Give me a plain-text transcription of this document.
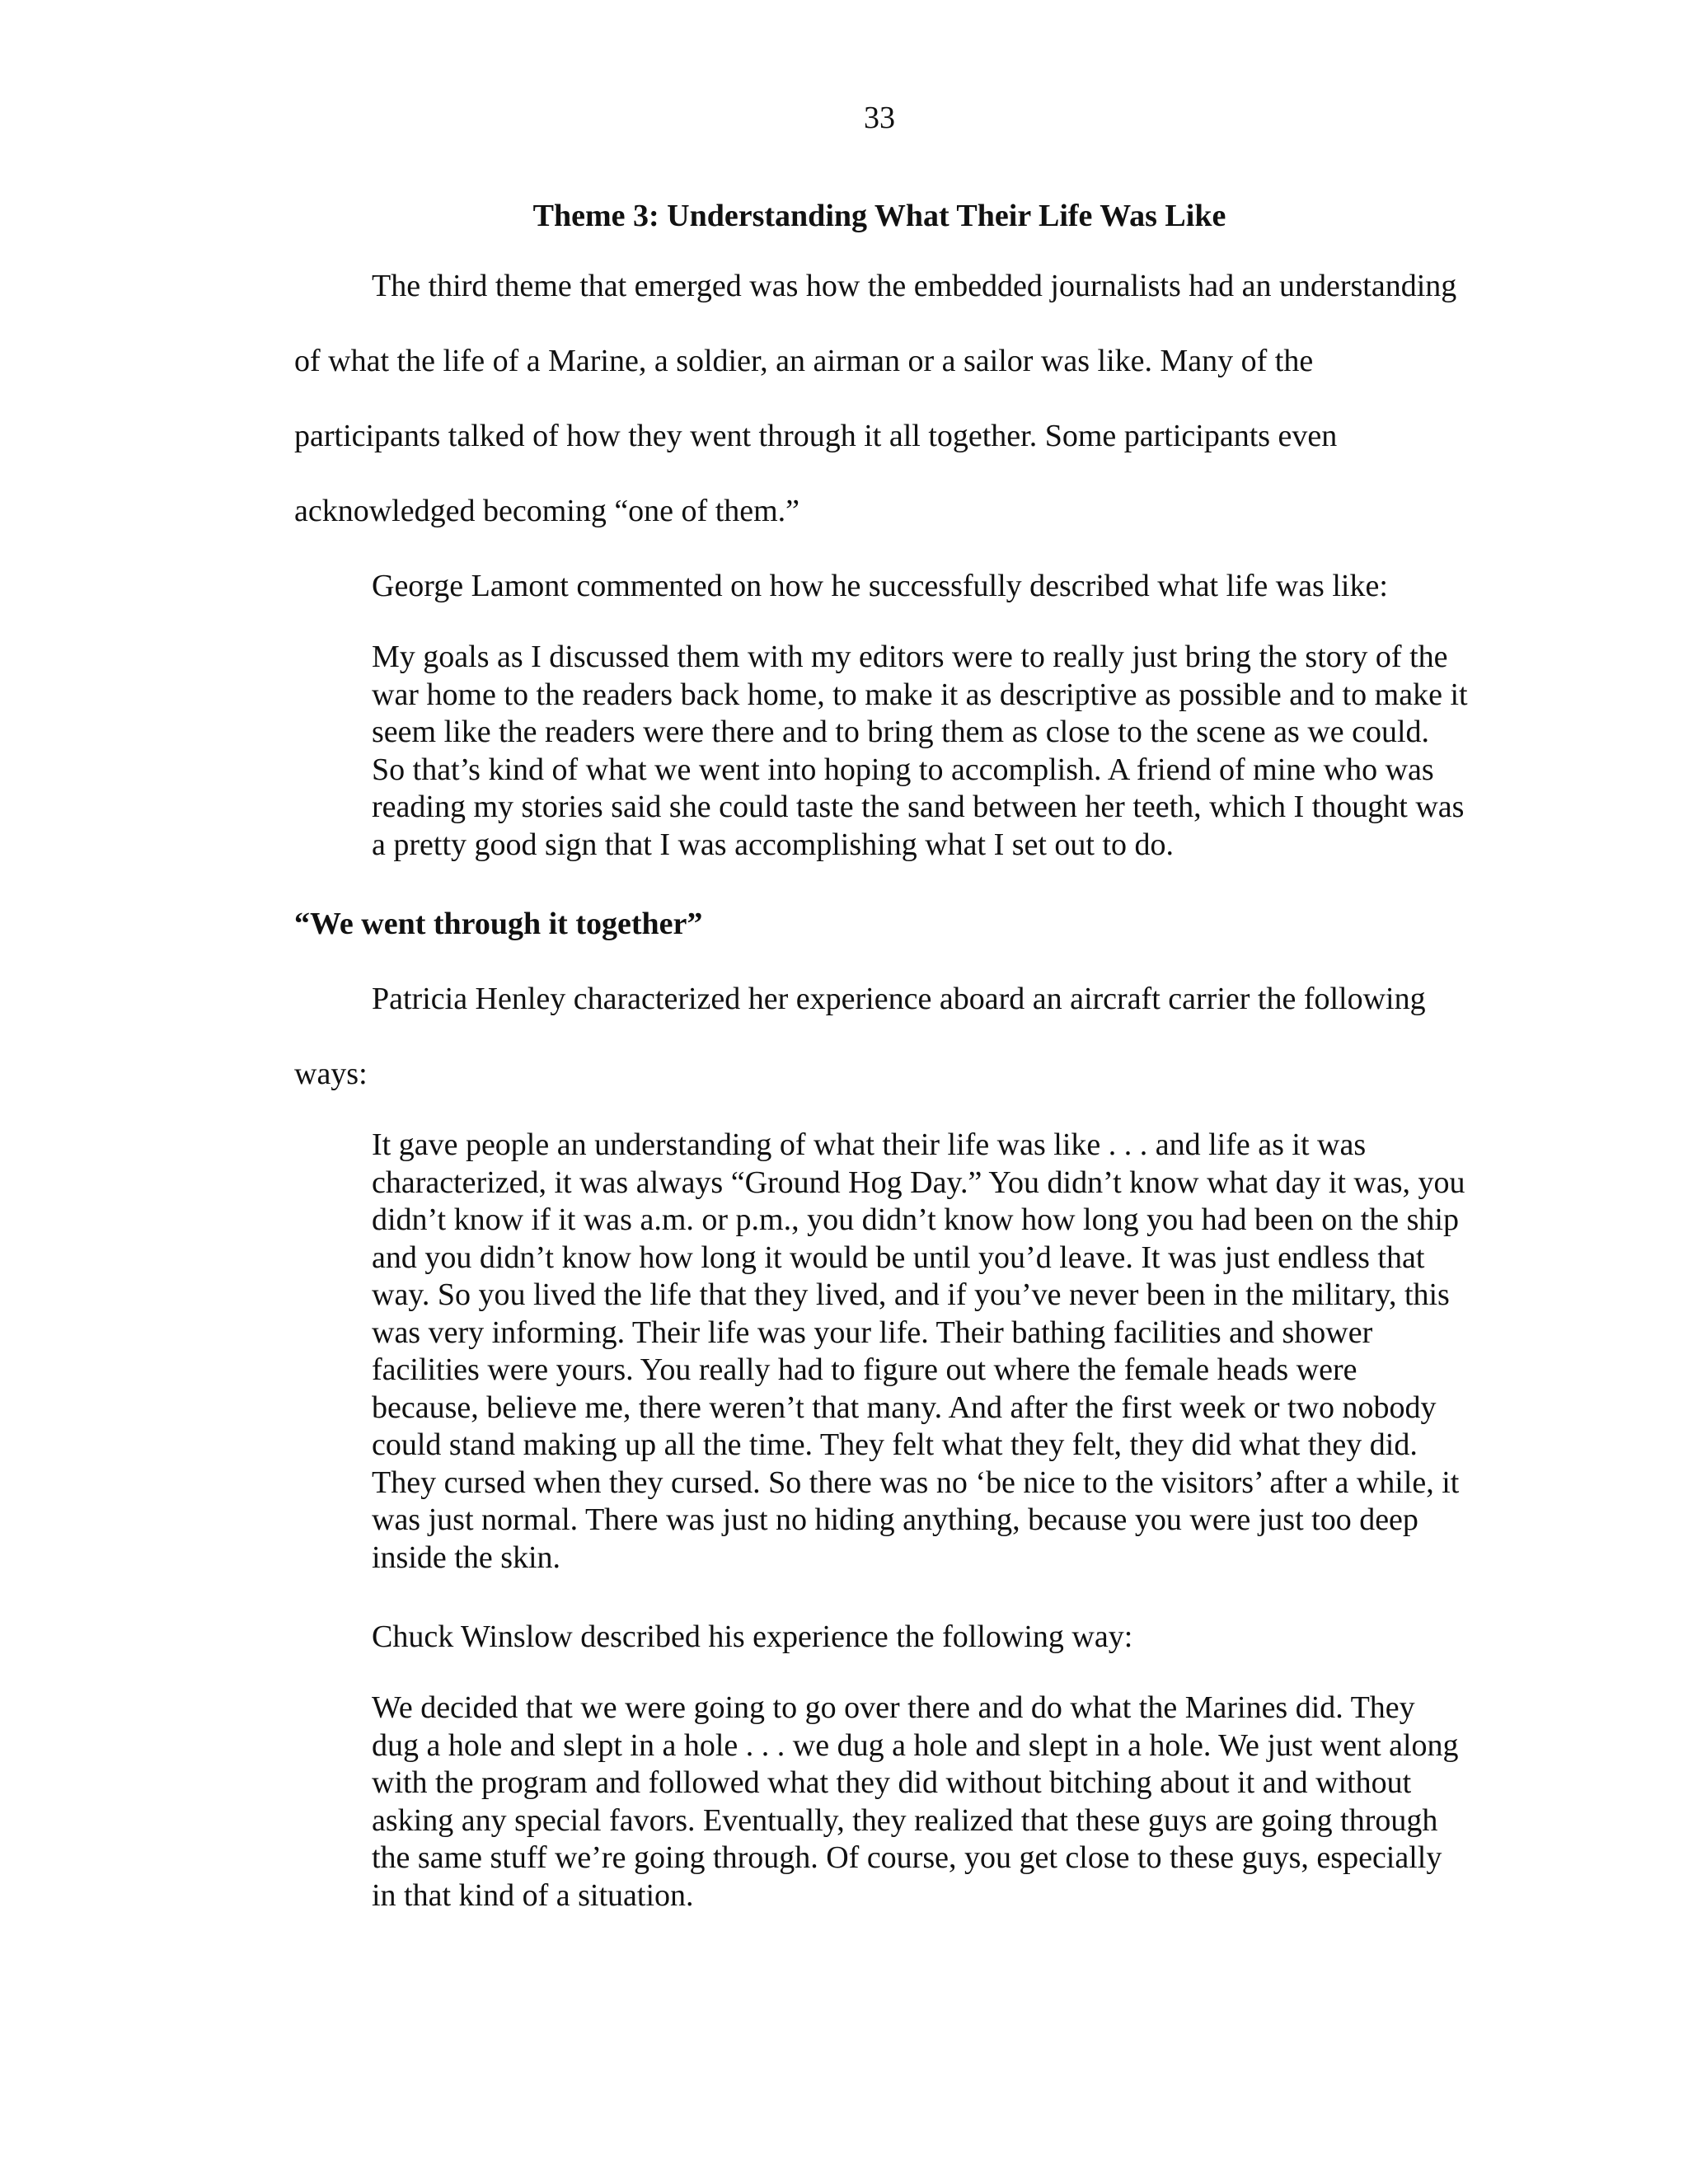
33
Theme 3: Understanding What Their Life Was Like

The third theme that emerged was how the embedded journalists had an understanding of what the life of a Marine, a soldier, an airman or a sailor was like. Many of the participants talked of how they went through it all together. Some participants even acknowledged becoming “one of them.”

George Lamont commented on how he successfully described what life was like:

My goals as I discussed them with my editors were to really just bring the story of the war home to the readers back home, to make it as descriptive as possible and to make it seem like the readers were there and to bring them as close to the scene as we could. So that’s kind of what we went into hoping to accomplish. A friend of mine who was reading my stories said she could taste the sand between her teeth, which I thought was a pretty good sign that I was accomplishing what I set out to do.

“We went through it together”

Patricia Henley characterized her experience aboard an aircraft carrier the following ways:

It gave people an understanding of what their life was like . . . and life as it was characterized, it was always “Ground Hog Day.” You didn’t know what day it was, you didn’t know if it was a.m. or p.m., you didn’t know how long you had been on the ship and you didn’t know how long it would be until you’d leave. It was just endless that way. So you lived the life that they lived, and if you’ve never been in the military, this was very informing. Their life was your life. Their bathing facilities and shower facilities were yours. You really had to figure out where the female heads were because, believe me, there weren’t that many. And after the first week or two nobody could stand making up all the time. They felt what they felt, they did what they did. They cursed when they cursed. So there was no ‘be nice to the visitors’ after a while, it was just normal. There was just no hiding anything, because you were just too deep inside the skin.

Chuck Winslow described his experience the following way:

We decided that we were going to go over there and do what the Marines did. They dug a hole and slept in a hole . . . we dug a hole and slept in a hole. We just went along with the program and followed what they did without bitching about it and without asking any special favors. Eventually, they realized that these guys are going through the same stuff we’re going through. Of course, you get close to these guys, especially in that kind of a situation.
